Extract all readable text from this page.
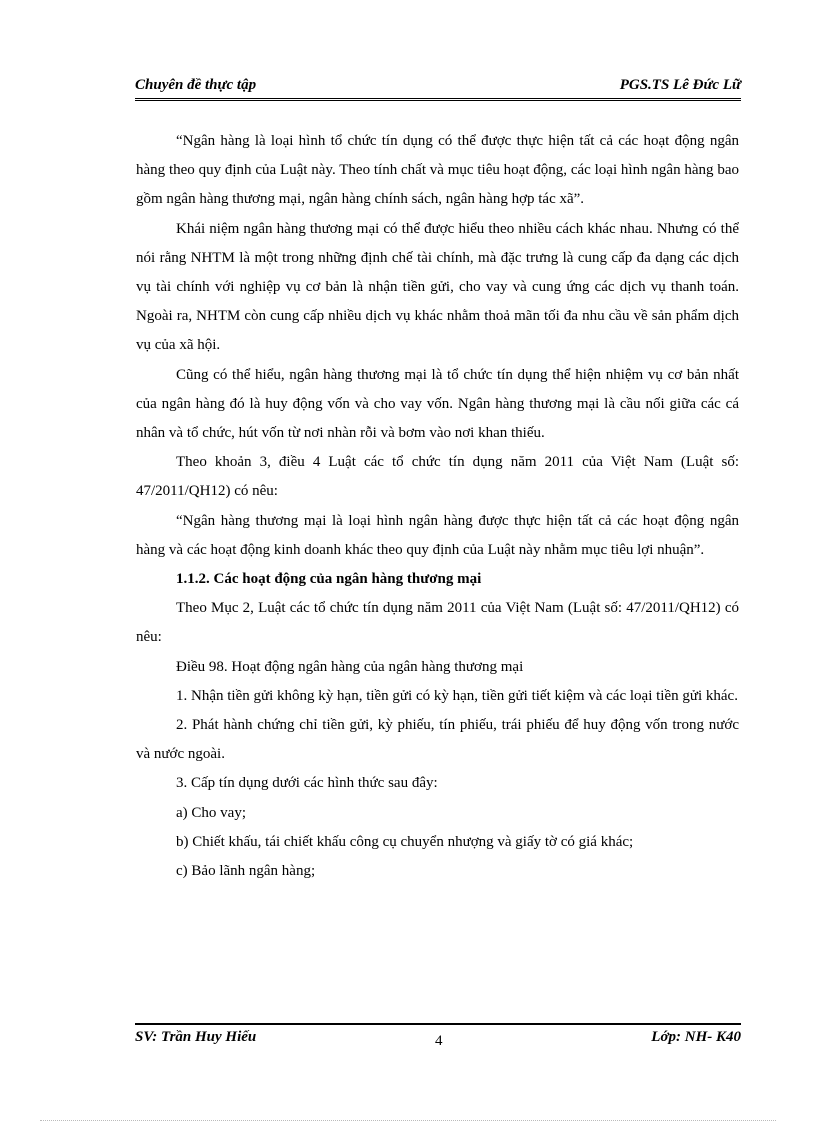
Chuyên đề thực tập	PGS.TS Lê Đức Lữ

“Ngân hàng là loại hình tổ chức tín dụng có thể được thực hiện tất cả các hoạt động ngân hàng theo quy định của Luật này. Theo tính chất và mục tiêu hoạt động, các loại hình ngân hàng bao gồm ngân hàng thương mại, ngân hàng chính sách, ngân hàng hợp tác xã”.

Khái niệm ngân hàng thương mại có thể được hiểu theo nhiều cách khác nhau. Nhưng có thể nói rằng NHTM là một trong những định chế tài chính, mà đặc trưng là cung cấp đa dạng các dịch vụ tài chính với nghiệp vụ cơ bản là nhận tiền gửi, cho vay và cung ứng các dịch vụ thanh toán. Ngoài ra, NHTM còn cung cấp nhiều dịch vụ khác nhằm thoả mãn tối đa nhu cầu về sản phẩm dịch vụ của xã hội.

Cũng có thể hiểu, ngân hàng thương mại là tổ chức tín dụng thể hiện nhiệm vụ cơ bản nhất của ngân hàng đó là huy động vốn và cho vay vốn. Ngân hàng thương mại là cầu nối giữa các cá nhân và tổ chức, hút vốn từ nơi nhàn rỗi và bơm vào nơi khan thiếu.

Theo khoản 3, điều 4 Luật các tổ chức tín dụng năm 2011 của Việt Nam (Luật số: 47/2011/QH12) có nêu:

“Ngân hàng thương mại là loại hình ngân hàng được thực hiện tất cả các hoạt động ngân hàng và các hoạt động kinh doanh khác theo quy định của Luật này nhằm mục tiêu lợi nhuận”.

1.1.2. Các hoạt động của ngân hàng thương mại

Theo Mục 2, Luật các tổ chức tín dụng năm 2011 của Việt Nam (Luật số: 47/2011/QH12) có nêu:

Điều 98. Hoạt động ngân hàng của ngân hàng thương mại

1. Nhận tiền gửi không kỳ hạn, tiền gửi có kỳ hạn, tiền gửi tiết kiệm và các loại tiền gửi khác.

2. Phát hành chứng chỉ tiền gửi, kỳ phiếu, tín phiếu, trái phiếu để huy động vốn trong nước và nước ngoài.

3. Cấp tín dụng dưới các hình thức sau đây:

a) Cho vay;

b) Chiết khấu, tái chiết khấu công cụ chuyển nhượng và giấy tờ có giá khác;

c) Bảo lãnh ngân hàng;

SV: Trần Huy Hiếu	4	Lớp: NH- K40
